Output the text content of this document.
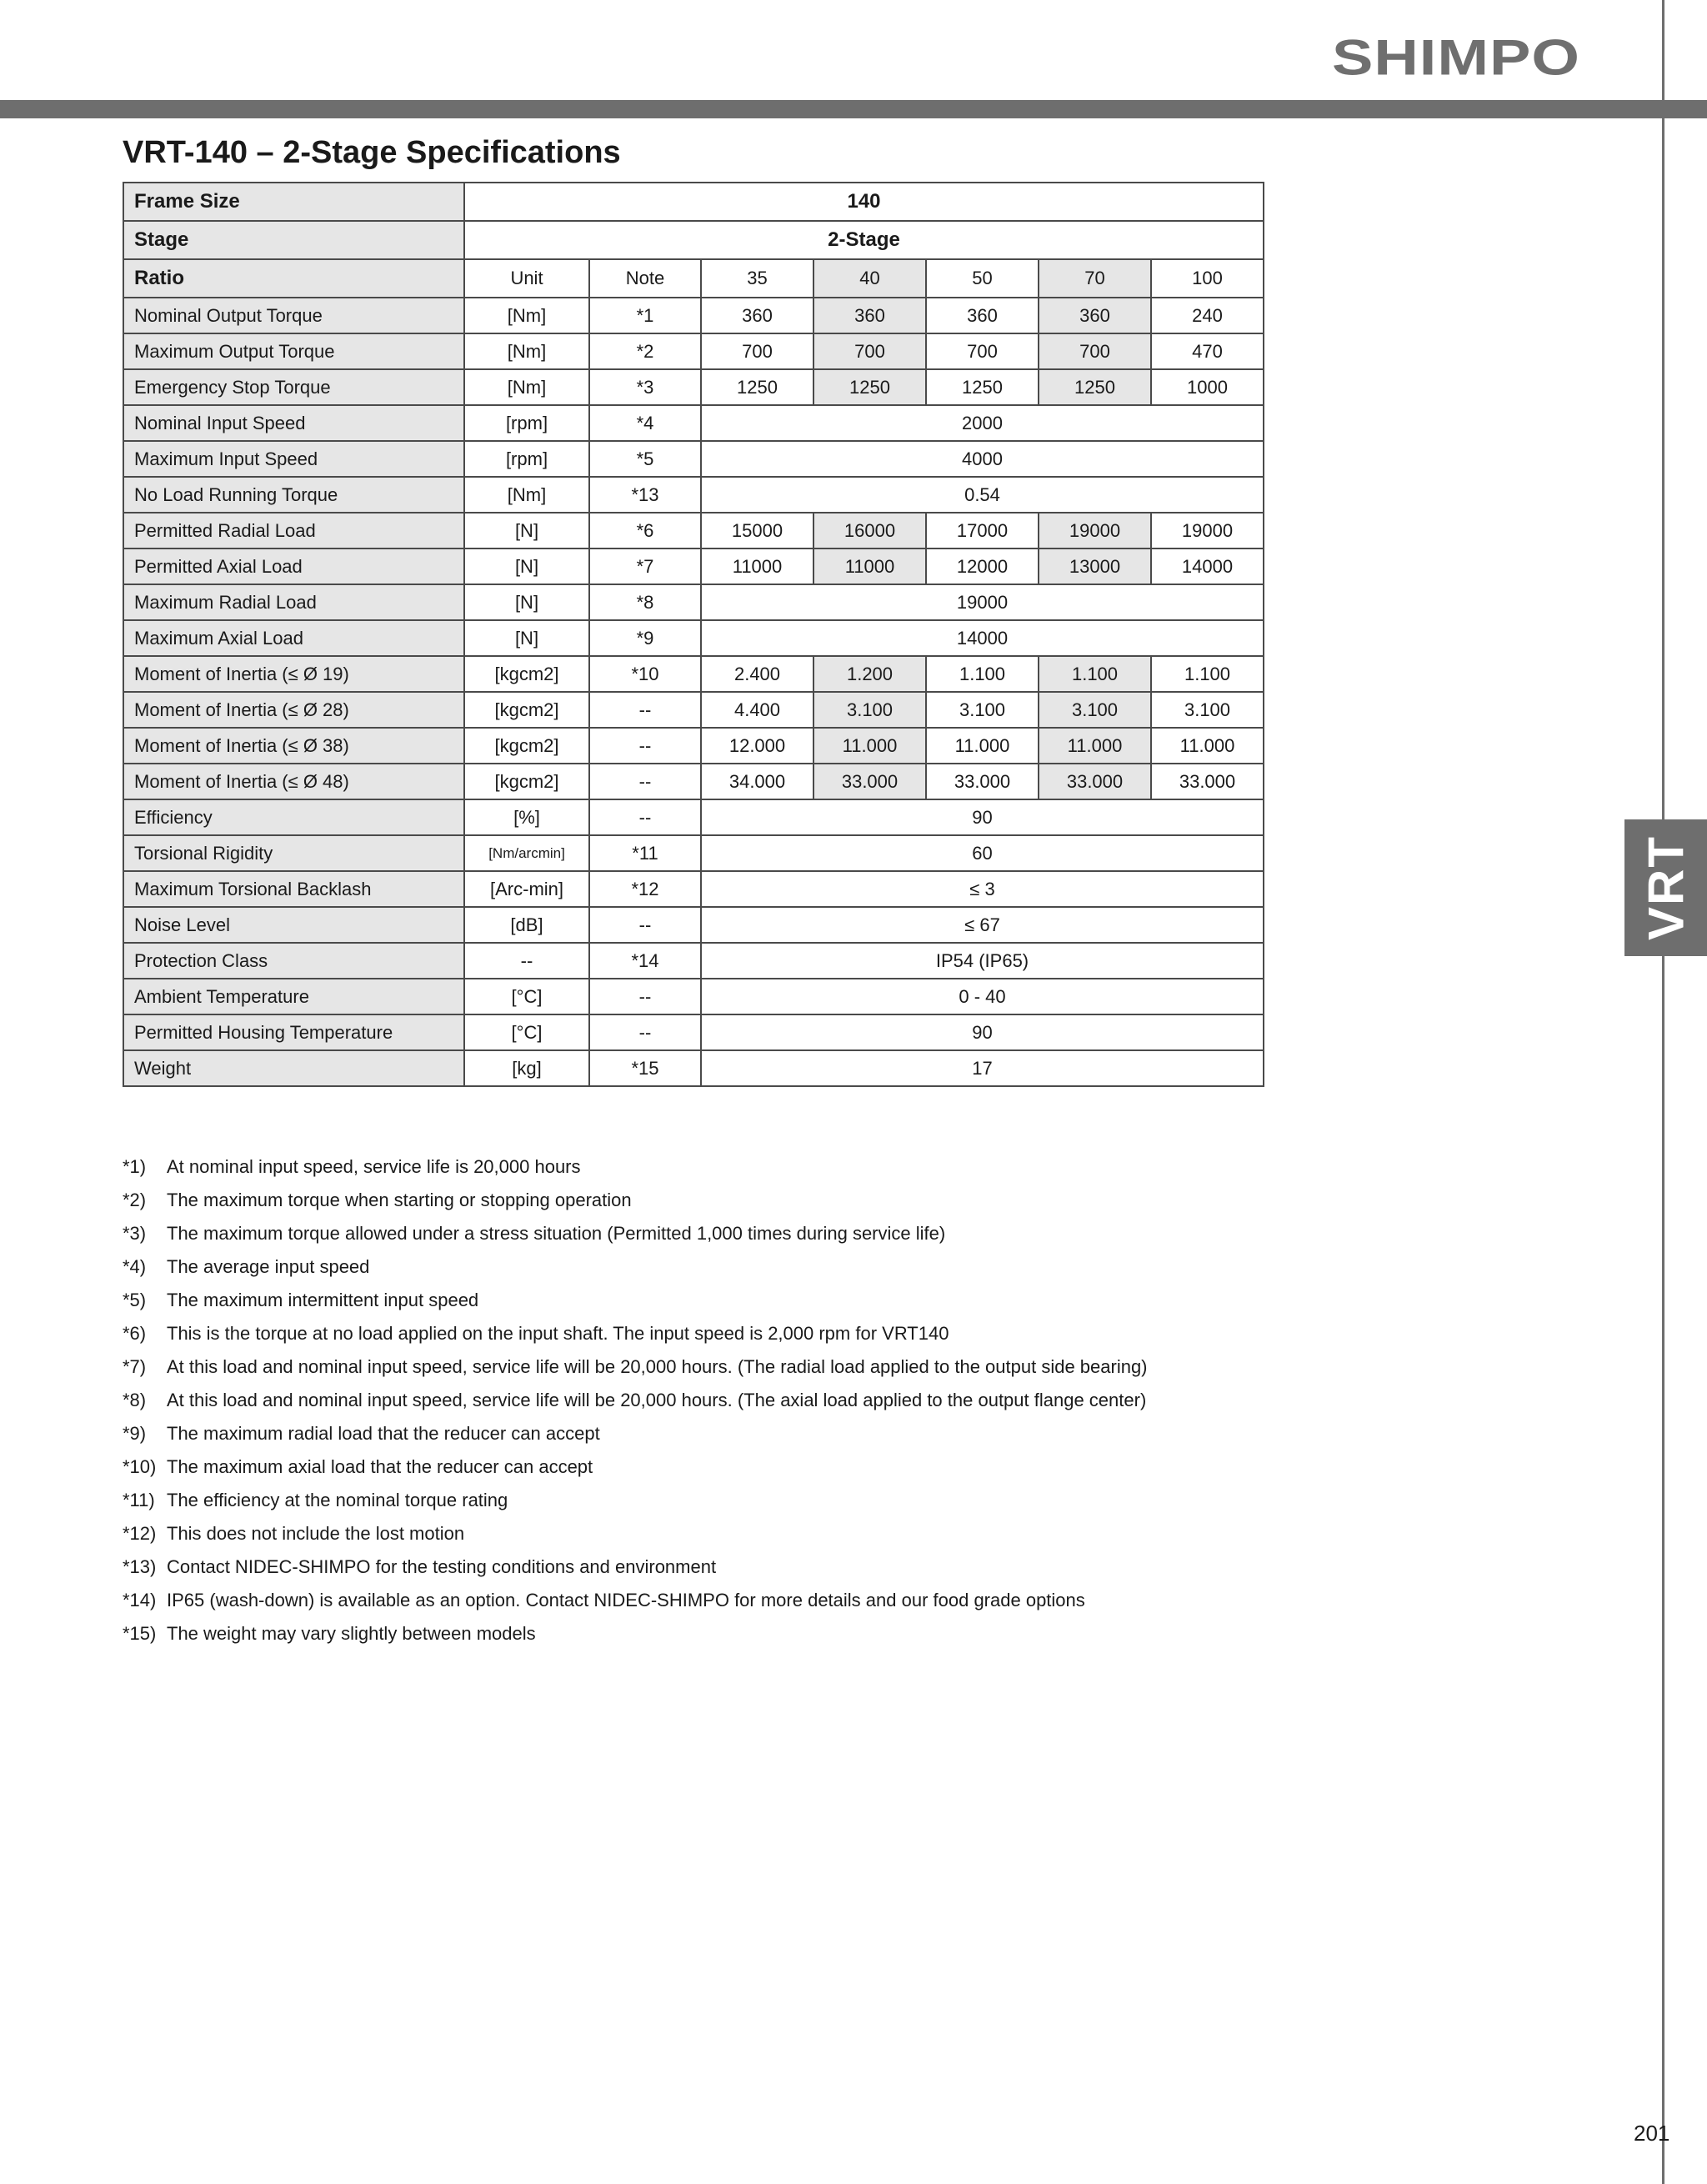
SHIMPO
VRT
VRT-140 – 2-Stage Specifications
Frame Size	140						
Stage	2-Stage						
Ratio	Unit	Note	35	40	50	70	100
Nominal Output Torque	[Nm]	*1	360	360	360	360	240
Maximum Output Torque	[Nm]	*2	700	700	700	700	470
Emergency Stop Torque	[Nm]	*3	1250	1250	1250	1250	1000
Nominal Input Speed	[rpm]	*4	2000				
Maximum Input Speed	[rpm]	*5	4000				
No Load Running Torque	[Nm]	*13	0.54				
Permitted Radial Load	[N]	*6	15000	16000	17000	19000	19000
Permitted Axial Load	[N]	*7	11000	11000	12000	13000	14000
Maximum Radial Load	[N]	*8	19000				
Maximum Axial Load	[N]	*9	14000				
Moment of Inertia (≤ Ø 19)	[kgcm2]	*10	2.400	1.200	1.100	1.100	1.100
Moment of Inertia (≤ Ø 28)	[kgcm2]	--	4.400	3.100	3.100	3.100	3.100
Moment of Inertia (≤ Ø 38)	[kgcm2]	--	12.000	11.000	11.000	11.000	11.000
Moment of Inertia (≤ Ø 48)	[kgcm2]	--	34.000	33.000	33.000	33.000	33.000
Efficiency	[%]	--	90				
Torsional Rigidity	[Nm/arcmin]	*11	60				
Maximum Torsional Backlash	[Arc-min]	*12	≤ 3				
Noise Level	[dB]	--	≤ 67				
Protection Class	--	*14	IP54 (IP65)				
Ambient Temperature	[°C]	--	0 - 40				
Permitted Housing Temperature	[°C]	--	90				
Weight	[kg]	*15	17				
*1)	At nominal input speed, service life is 20,000 hours
*2)	The maximum torque when starting or stopping operation
*3)	The maximum torque allowed under a stress situation (Permitted 1,000 times during service life)
*4)	The average input speed
*5)	The maximum intermittent input speed
*6)	This is the torque at no load applied on the input shaft. The input speed is 2,000 rpm for VRT140
*7)	At this load and nominal input speed, service life will be 20,000 hours. (The radial load applied to the output side bearing)
*8)	At this load and nominal input speed, service life will be 20,000 hours. (The axial load applied to the output flange center)
*9)	The maximum radial load that the reducer can accept
*10) The maximum axial load that the reducer can accept
*11) The efficiency at the nominal torque rating
*12) This does not include the lost motion
*13) Contact NIDEC-SHIMPO for the testing conditions and environment
*14) IP65 (wash-down) is available as an option. Contact NIDEC-SHIMPO for more details and our food grade options
*15) The weight may vary slightly between models
201
